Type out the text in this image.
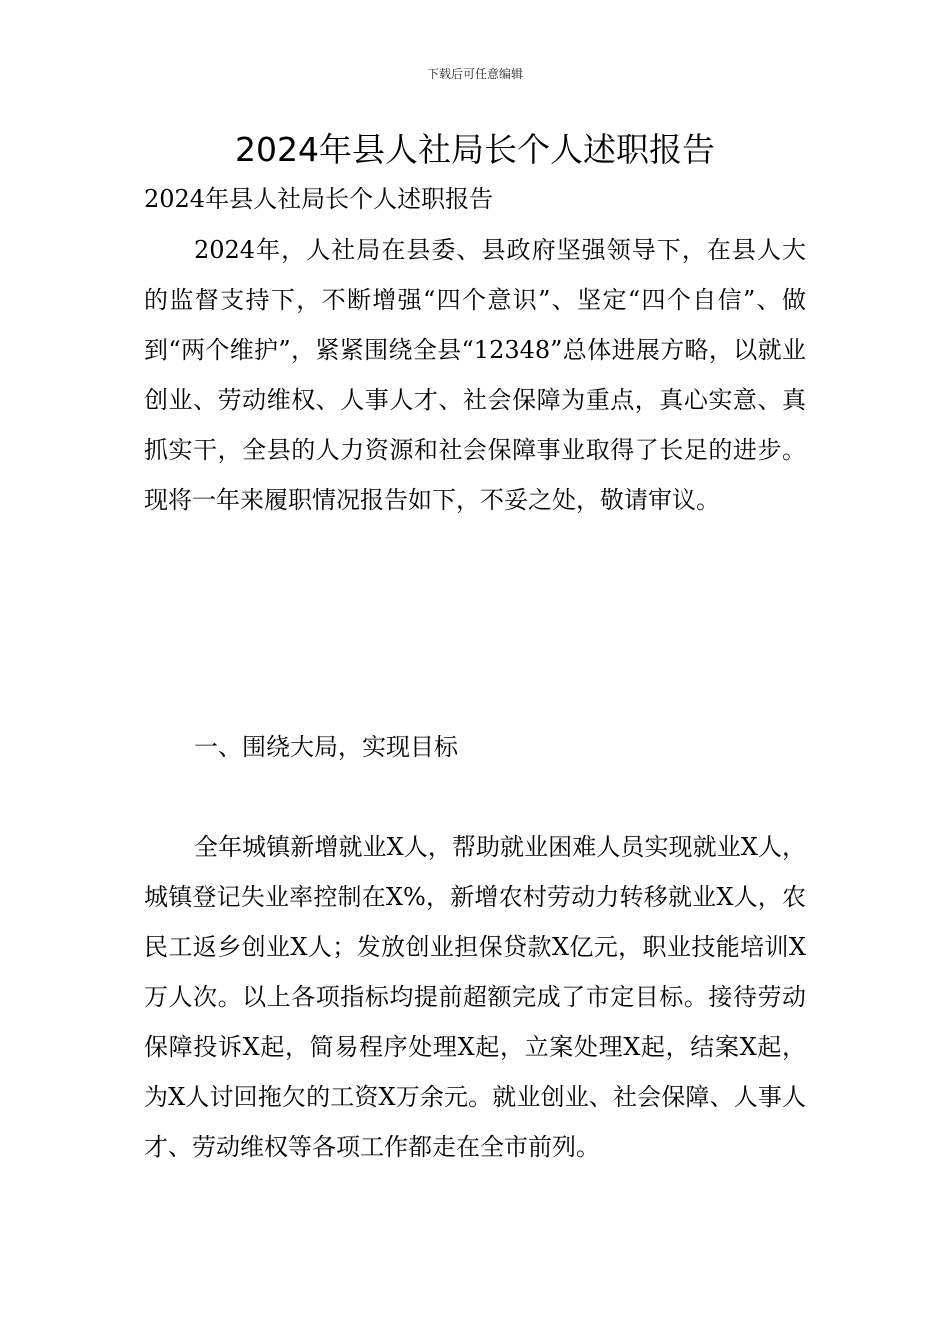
下载后可任意编辑
2024年县人社局长个人述职报告
2024年县人社局长个人述职报告

2024年，人社局在县委、县政府坚强领导下，在县人大的监督支持下，不断增强“四个意识”、坚定“四个自信”、做到“两个维护”，紧紧围绕全县“12348”总体进展方略，以就业创业、劳动维权、人事人才、社会保障为重点，真心实意、真抓实干，全县的人力资源和社会保障事业取得了长足的进步。现将一年来履职情况报告如下，不妥之处，敬请审议。

一、围绕大局，实现目标

全年城镇新增就业X人，帮助就业困难人员实现就业X人，城镇登记失业率控制在X%，新增农村劳动力转移就业X人，农民工返乡创业X人；发放创业担保贷款X亿元，职业技能培训X万人次。以上各项指标均提前超额完成了市定目标。接待劳动保障投诉X起，简易程序处理X起，立案处理X起，结案X起，为X人讨回拖欠的工资X万余元。就业创业、社会保障、人事人才、劳动维权等各项工作都走在全市前列。
